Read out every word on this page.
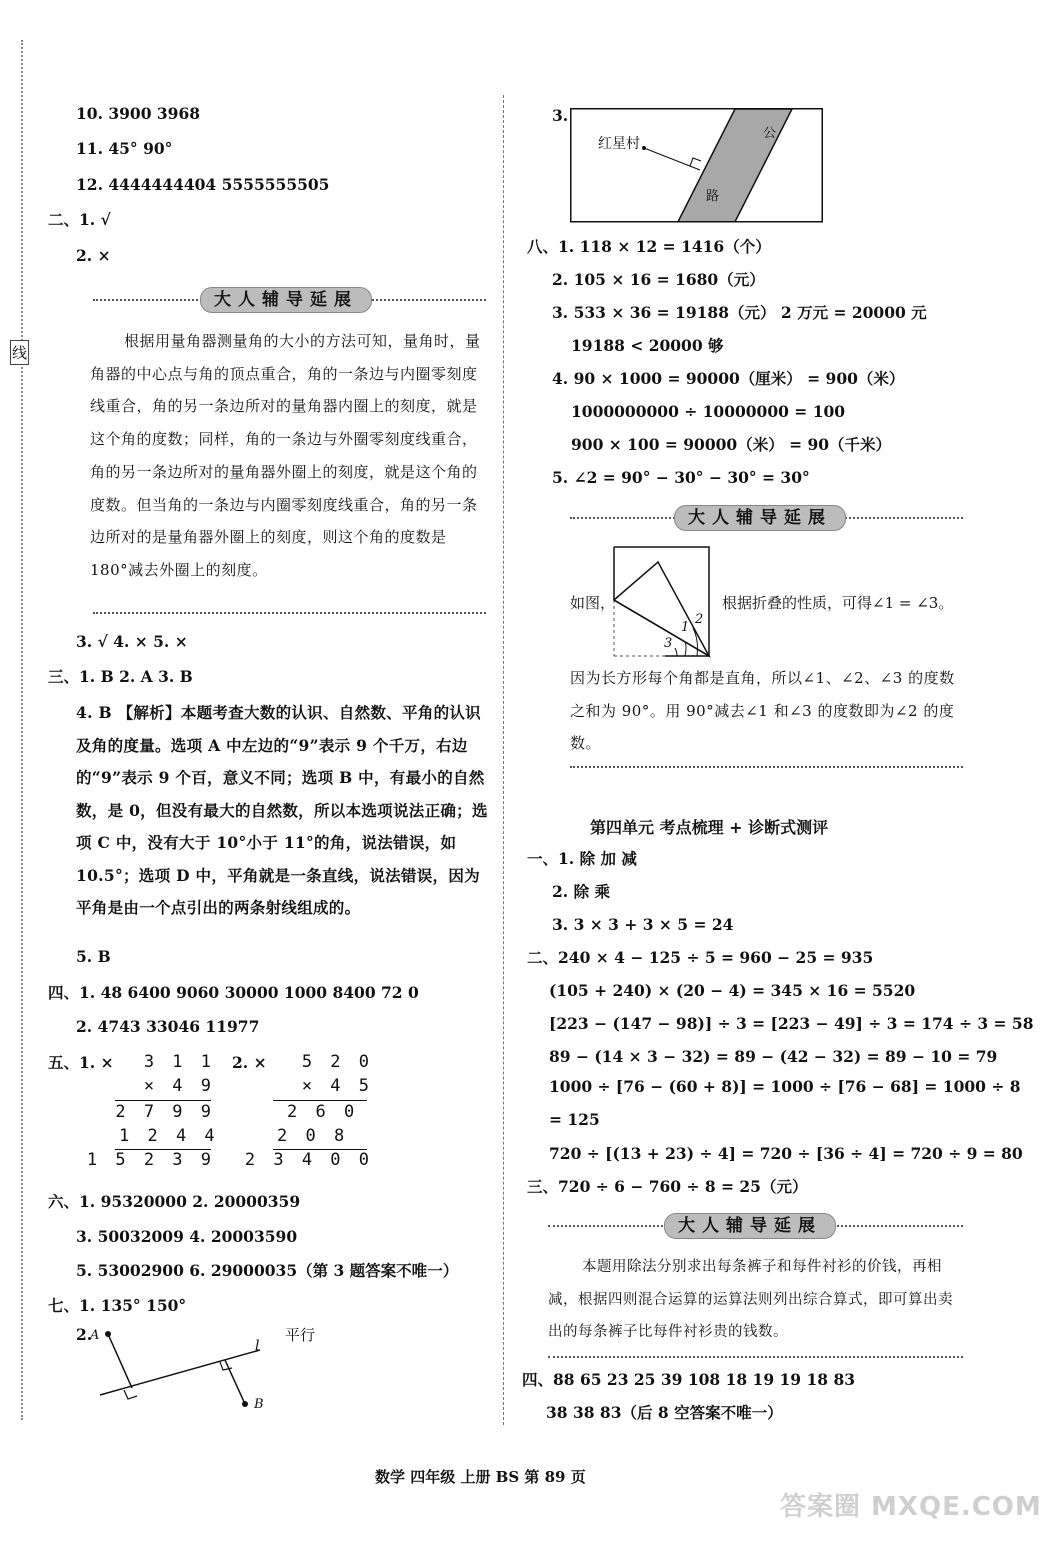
线
10. 3900 3968
11. 45° 90°
12. 4444444404 5555555505
二、1. √
2. ×
大人辅导延展
根据用量角器测量角的大小的方法可知，量角时，量角器的中心点与角的顶点重合，角的一条边与内圈零刻度线重合，角的另一条边所对的量角器内圈上的刻度，就是这个角的度数；同样，角的一条边与外圈零刻度线重合，角的另一条边所对的量角器外圈上的刻度，就是这个角的度数。但当角的一条边与内圈零刻度线重合，角的另一条边所对的是量角器外圈上的刻度，则这个角的度数是 180°减去外圈上的刻度。
3. √ 4. × 5. ×
三、1. B 2. A 3. B
4. B 【解析】本题考查大数的认识、自然数、平角的认识及角的度量。选项 A 中左边的“9”表示 9 个千万，右边的“9”表示 9 个百，意义不同；选项 B 中，有最小的自然数，是 0，但没有最大的自然数，所以本选项说法正确；选项 C 中，没有大于 10°小于 11°的角，说法错误，如 10.5°；选项 D 中，平角就是一条直线，说法错误，因为平角是由一个点引出的两条射线组成的。
5. B
四、1. 48 6400 9060 30000 1000 8400 72 0
2. 4743 33046 11977
五、1. ×	2. ×
3 1 1
× 4 9
2 7 9 9
1 2 4 4
1 5 2 3 9
5 2 0
× 4 5
2 6 0
2 0 8
2 3 4 0 0
六、1. 95320000 2. 20000359
3. 50032009 4. 20003590
5. 53002900 6. 29000035（第 3 题答案不唯一）
七、1. 135° 150°
2.
A
B
l
平行
3.
红星村
公
路
八、1. 118 × 12 = 1416（个）
2. 105 × 16 = 1680（元）
3. 533 × 36 = 19188（元） 2 万元 = 20000 元
19188 < 20000 够
4. 90 × 1000 = 90000（厘米） = 900（米）
1000000000 ÷ 10000000 = 100
900 × 100 = 90000（米） = 90（千米）
5. ∠2 = 90° − 30° − 30° = 30°
大人辅导延展
1
2
3
如图，	根据折叠的性质，可得∠1 = ∠3。
因为长方形每个角都是直角，所以∠1、∠2、∠3 的度数之和为 90°。用 90°减去∠1 和∠3 的度数即为∠2 的度数。
第四单元 考点梳理 + 诊断式测评
一、1. 除 加 减
2. 除 乘
3. 3 × 3 + 3 × 5 = 24
二、240 × 4 − 125 ÷ 5 = 960 − 25 = 935
(105 + 240) × (20 − 4) = 345 × 16 = 5520
[223 − (147 − 98)] ÷ 3 = [223 − 49] ÷ 3 = 174 ÷ 3 = 58
89 − (14 × 3 − 32) = 89 − (42 − 32) = 89 − 10 = 79
1000 ÷ [76 − (60 + 8)] = 1000 ÷ [76 − 68] = 1000 ÷ 8
= 125
720 ÷ [(13 + 23) ÷ 4] = 720 ÷ [36 ÷ 4] = 720 ÷ 9 = 80
三、720 ÷ 6 − 760 ÷ 8 = 25（元）
大人辅导延展
本题用除法分别求出每条裤子和每件衬衫的价钱，再相减，根据四则混合运算的运算法则列出综合算式，即可算出卖出的每条裤子比每件衬衫贵的钱数。
四、88 65 23 25 39 108 18 19 19 18 83
38 38 83（后 8 空答案不唯一）
数学 四年级 上册 BS 第 89 页
答案圈 MXQE.COM
